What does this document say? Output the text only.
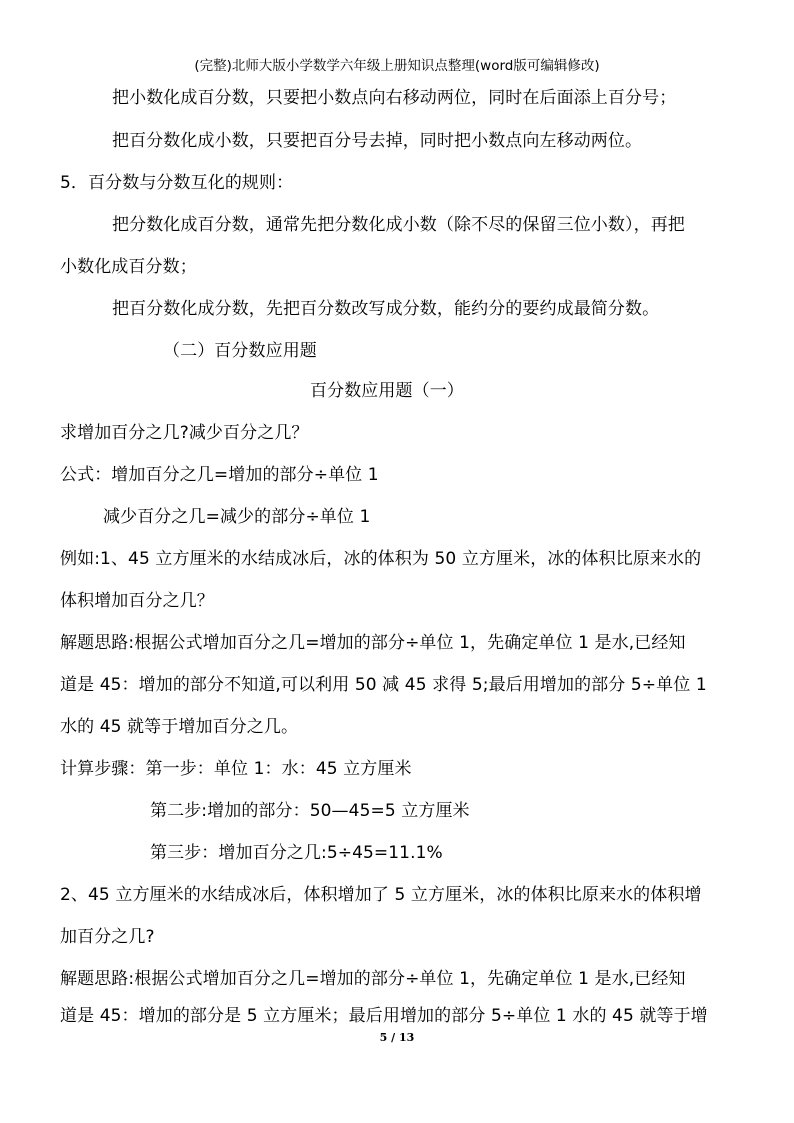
(完整)北师大版小学数学六年级上册知识点整理(word版可编辑修改)
把小数化成百分数，只要把小数点向右移动两位，同时在后面添上百分号；
把百分数化成小数，只要把百分号去掉，同时把小数点向左移动两位。
5．百分数与分数互化的规则：
把分数化成百分数，通常先把分数化成小数（除不尽的保留三位小数），再把
小数化成百分数；
把百分数化成分数，先把百分数改写成分数，能约分的要约成最简分数。
（二）百分数应用题
百分数应用题（一）
求增加百分之几?减少百分之几？
公式：增加百分之几=增加的部分÷单位 1
减少百分之几=减少的部分÷单位 1
例如:1、45 立方厘米的水结成冰后，冰的体积为 50 立方厘米，冰的体积比原来水的
体积增加百分之几？
解题思路:根据公式增加百分之几=增加的部分÷单位 1，先确定单位 1 是水,已经知
道是 45：增加的部分不知道,可以利用 50 减 45 求得 5;最后用增加的部分 5÷单位 1
水的 45 就等于增加百分之几。
计算步骤：第一步：单位 1：水：45 立方厘米
第二步:增加的部分：50—45=5 立方厘米
第三步：增加百分之几:5÷45=11.1%
2、45 立方厘米的水结成冰后，体积增加了 5 立方厘米，冰的体积比原来水的体积增
加百分之几?
解题思路:根据公式增加百分之几=增加的部分÷单位 1，先确定单位 1 是水,已经知
道是 45：增加的部分是 5 立方厘米；最后用增加的部分 5÷单位 1 水的 45 就等于增
5 / 13
